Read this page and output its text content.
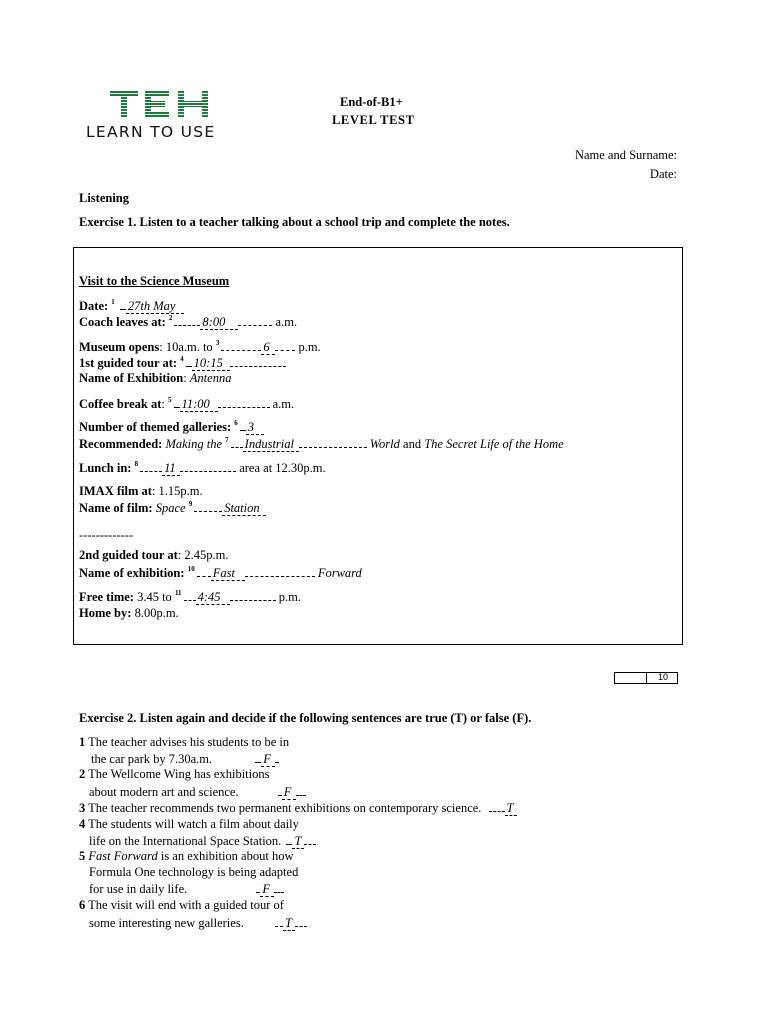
LEARN TO USE
End-of-B1+
LEVEL TEST
Name and Surname:
Date:
Listening
Exercise 1. Listen to a teacher talking about a school trip and complete the notes.
Visit to the Science Museum
Date: $^1$ 27th May
Coach leaves at: $^2$ 8:00	a.m.
Museum opens: 10a.m. to $^3$	6 p.m.
1st guided tour at: $^4$ 10:15
Name of Exhibition: Antenna
Coffee break at: $^5$ 11:00	a.m.
Number of themed galleries: $^6$ 3
Recommended: Making the $^7$ Industrial	World and The Secret Life of the Home
Lunch in: $^8$ 11	area at 12.30p.m.
IMAX film at: 1.15p.m.
Name of film: Space $^9$	Station
-------------
2nd guided tour at: 2.45p.m.
Name of exhibition: $^{10}$ Fast	Forward
Free time: 3.45 to $^{11}$ 4:45	p.m.
Home by: 8.00p.m.
10
Exercise 2. Listen again and decide if the following sentences are true (T) or false (F).
1 The teacher advises his students to be in
the car park by 7.30a.m.	F
2 The Wellcome Wing has exhibitions
about modern art and science.	F
3 The teacher recommends two permanent exhibitions on contemporary science. T
4 The students will watch a film about daily
life on the International Space Station. T
5 Fast Forward is an exhibition about how
Formula One technology is being adapted
for use in daily life.	F
6 The visit will end with a guided tour of
some interesting new galleries.	T
